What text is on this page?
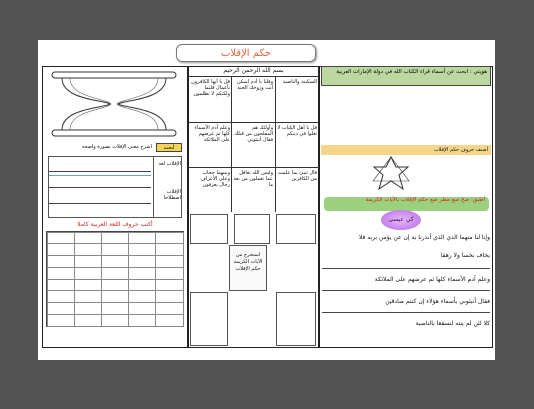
حكم الإقلاب
هويتي : ابحث عن أسماء قراء الكتاب الله في دولة الإمارات العربية
أصنف حروف حكم الإقلاب
أطبق: صح ضع مطر ضع حكم الإقلاب بالآيات الكريمة
كي عيسى
وإنا لنا منهما الذي الذي أنذرنا به إن عن يؤمن بربه فلا
يخاف بخسا ولا رهقا
وعلم آدم الأسماء كلها ثم عرضهم على الملائكة
فقال أنبئوني بأسماء هؤلاء إن كنتم صادقين
كلا لئن لم ينته لنسفعا بالناصية
بسم الله الرحمن الرحيم
السكينة والناصية
وقلنا يا آدم اسكن أنت وزوجك الجنة
قل يا أيها الكافرون بأعمال قلتما ولكنكم لا تظلمون
قل يا أهل الكتاب لا تغلوا في دينكم
وأولئك هم المفلحون من قبلك فقال أنبئوني
وعلم آدم الأسماء كلها ثم عرضهم على الملائكة
قال تنبئ بما علمت من الكافرين
وليس الله بغافل عما تعملون من بعد ما
وبينهما حجاب وعلى الأعراف رجال يعرفون
استخرج من الآيات الكريمة حكم الإقلاب
أبحث
اشرح معنى الإقلاب بصورة واضحة
الإقلاب لغة
الإقلاب اصطلاحا
أكتب حروف اللغة العربية كاملا
